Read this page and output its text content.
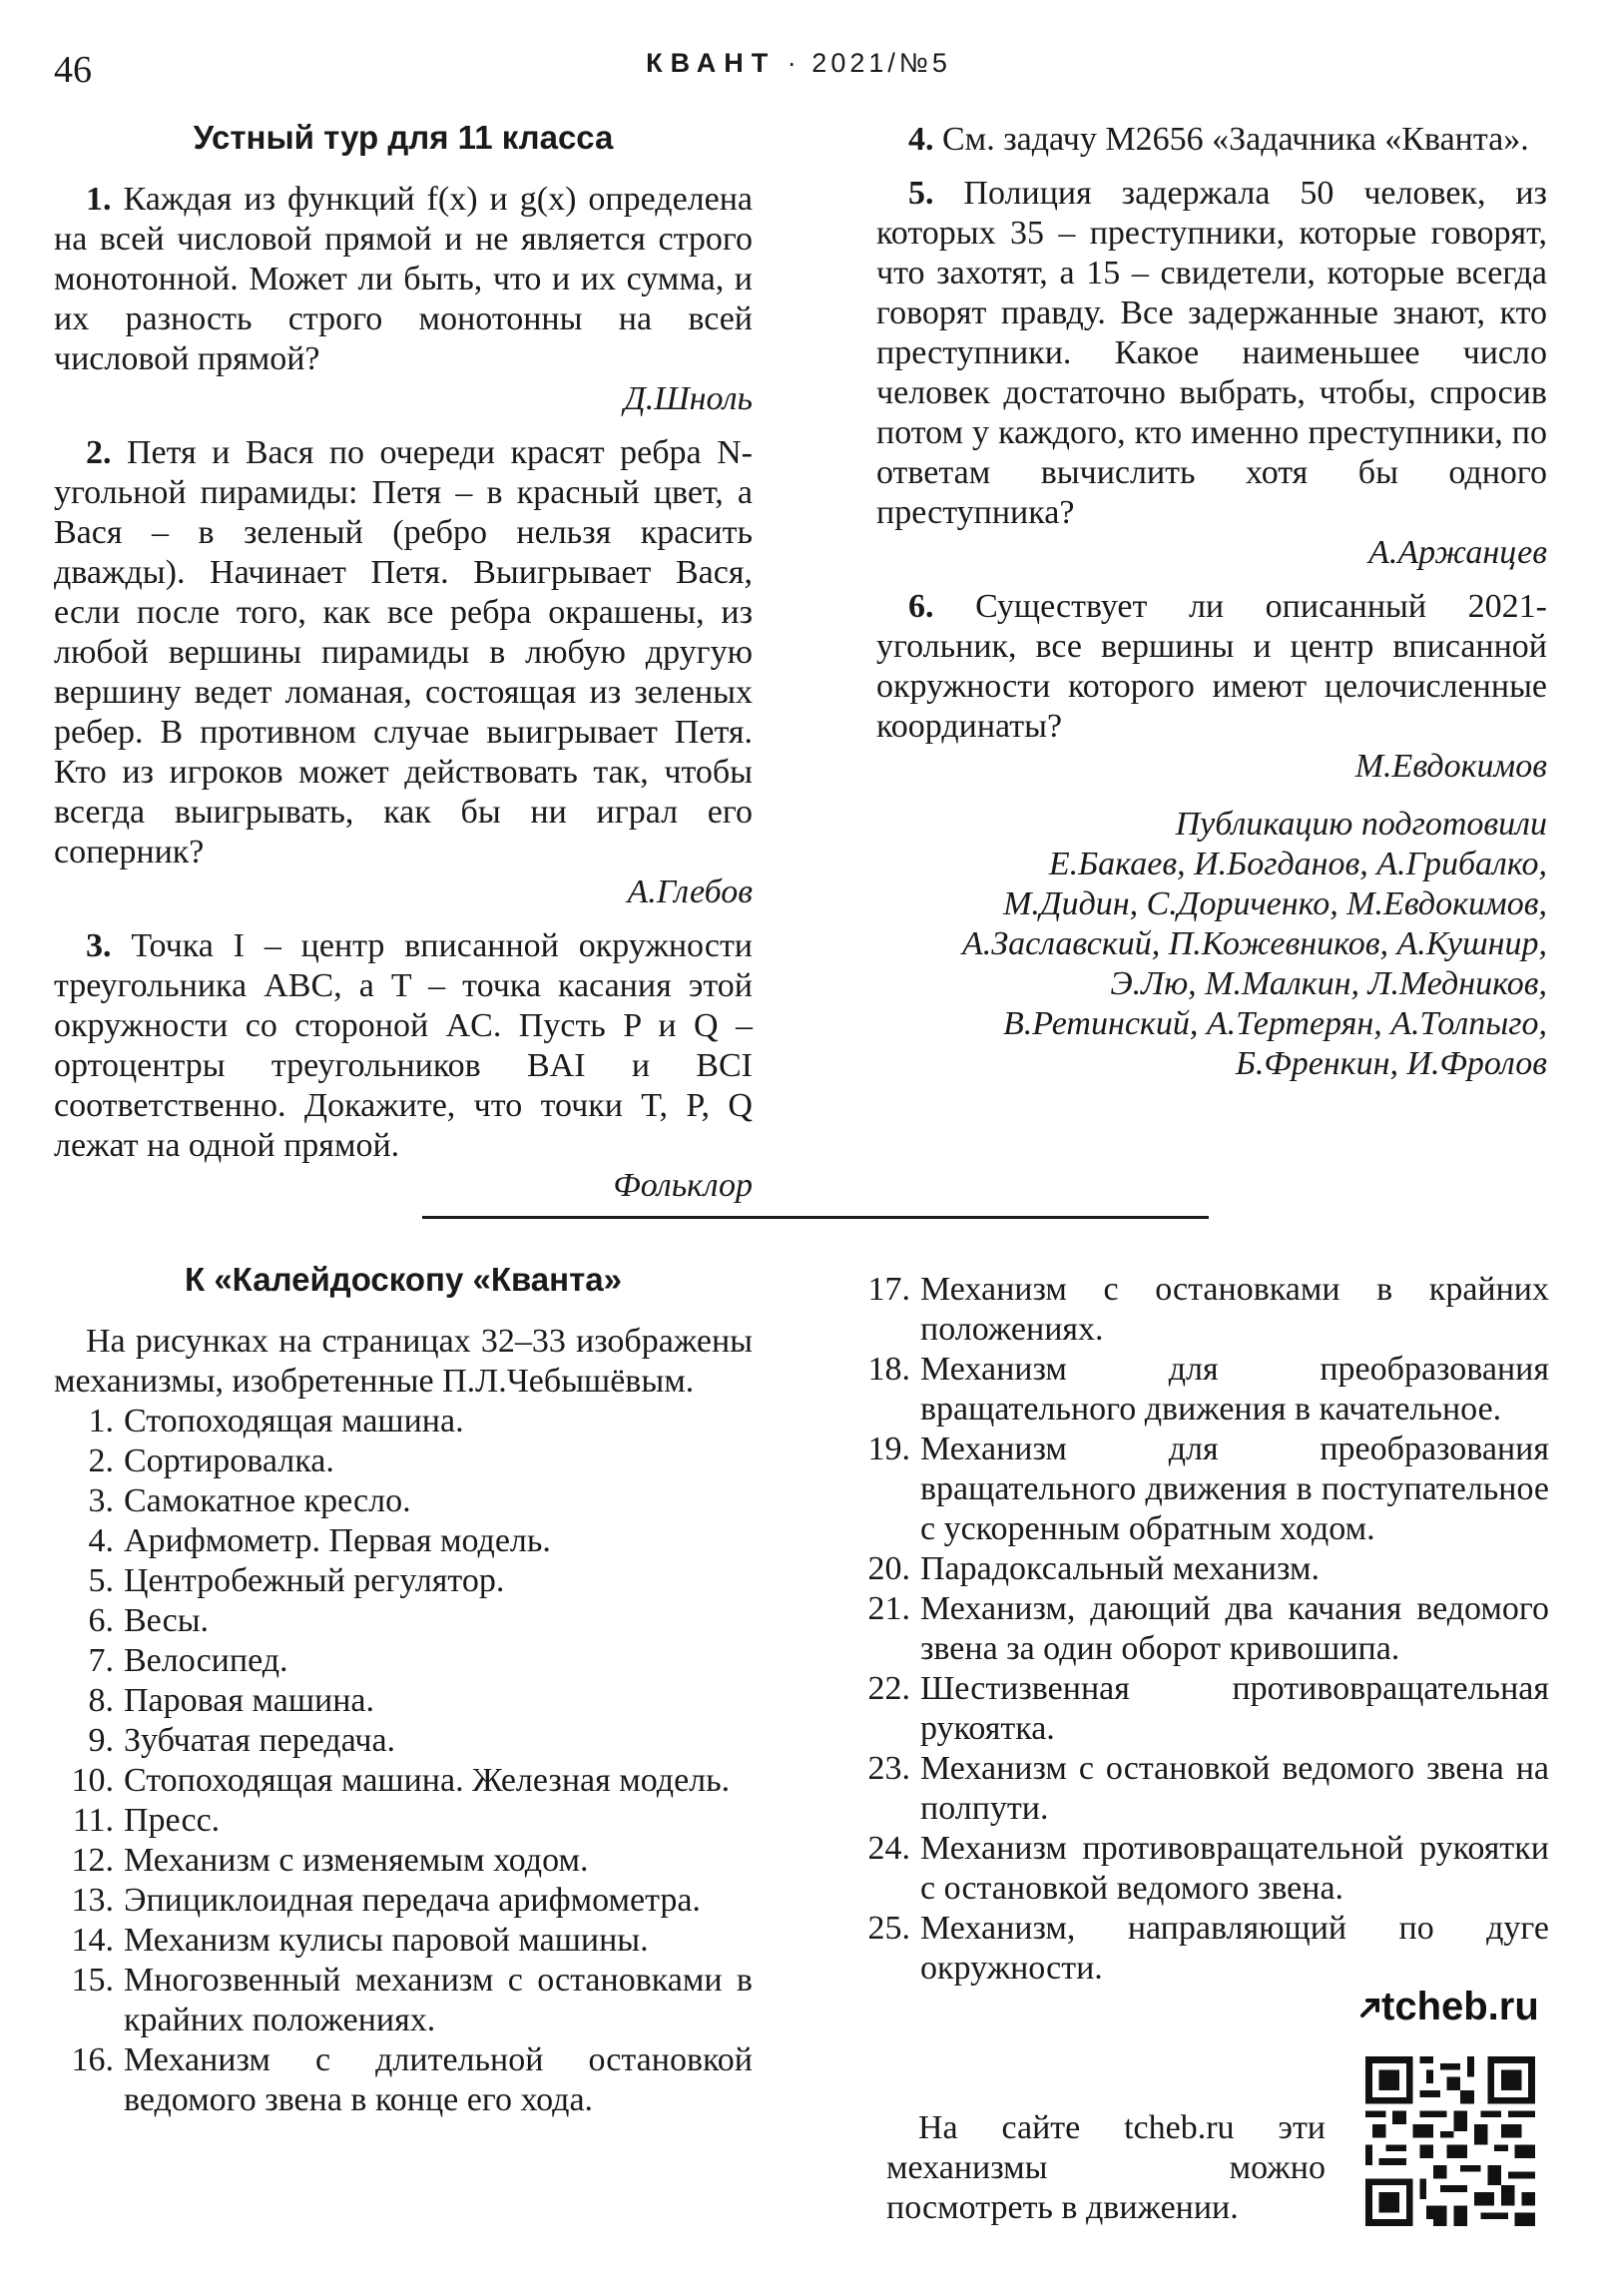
46	КВАНТ · 2021/№5
Устный тур для 11 класса

1. Каждая из функций f(x) и g(x) определена на всей числовой прямой и не является строго монотонной. Может ли быть, что и их сумма, и их разность строго монотонны на всей числовой прямой?

Д.Шноль

2. Петя и Вася по очереди красят ребра N-угольной пирамиды: Петя – в красный цвет, а Вася – в зеленый (ребро нельзя красить дважды). Начинает Петя. Выигрывает Вася, если после того, как все ребра окрашены, из любой вершины пирамиды в любую другую вершину ведет ломаная, состоящая из зеленых ребер. В противном случае выигрывает Петя. Кто из игроков может действовать так, чтобы всегда выигрывать, как бы ни играл его соперник?

А.Глебов

3. Точка I – центр вписанной окружности треугольника ABC, а T – точка касания этой окружности со стороной AC. Пусть P и Q – ортоцентры треугольников BAI и BCI соответственно. Докажите, что точки T, P, Q лежат на одной прямой.

Фольклор

4. См. задачу М2656 «Задачника «Кванта».

5. Полиция задержала 50 человек, из которых 35 – преступники, которые говорят, что захотят, а 15 – свидетели, которые всегда говорят правду. Все задержанные знают, кто преступники. Какое наименьшее число человек достаточно выбрать, чтобы, спросив потом у каждого, кто именно преступники, по ответам вычислить хотя бы одного преступника?

А.Аржанцев

6. Существует ли описанный 2021-угольник, все вершины и центр вписанной окружности которого имеют целочисленные координаты?

М.Евдокимов
Публикацию подготовили
Е.Бакаев, И.Богданов, А.Грибалко,
М.Дидин, С.Дориченко, М.Евдокимов,
А.Заславский, П.Кожевников, А.Кушнир,
Э.Лю, М.Малкин, Л.Медников,
В.Ретинский, А.Тертерян, А.Толпыго,
Б.Френкин, И.Фролов
К «Калейдоскопу «Кванта»

На рисунках на страницах 32–33 изображены механизмы, изобретенные П.Л.Чебышёвым.

1. Стопоходящая машина.
2. Сортировалка.
3. Самокатное кресло.
4. Арифмометр. Первая модель.
5. Центробежный регулятор.
6. Весы.
7. Велосипед.
8. Паровая машина.
9. Зубчатая передача.
10. Стопоходящая машина. Железная модель.
11. Пресс.
12. Механизм с изменяемым ходом.
13. Эпициклоидная передача арифмометра.
14. Механизм кулисы паровой машины.
15. Многозвенный механизм с остановками в крайних положениях.
16. Механизм с длительной остановкой ведомого звена в конце его хода.
17. Механизм с остановками в крайних положениях.
18. Механизм для преобразования вращательного движения в качательное.
19. Механизм для преобразования вращательного движения в поступательное с ускоренным обратным ходом.
20. Парадоксальный механизм.
21. Механизм, дающий два качания ведомого звена за один оборот кривошипа.
22. Шестизвенная противовращательная рукоятка.
23. Механизм с остановкой ведомого звена на полпути.
24. Механизм противовращательной рукоятки с остановкой ведомого звена.
25. Механизм, направляющий по дуге окружности.
tcheb.ru
На сайте tcheb.ru эти механизмы можно посмотреть в движении.
